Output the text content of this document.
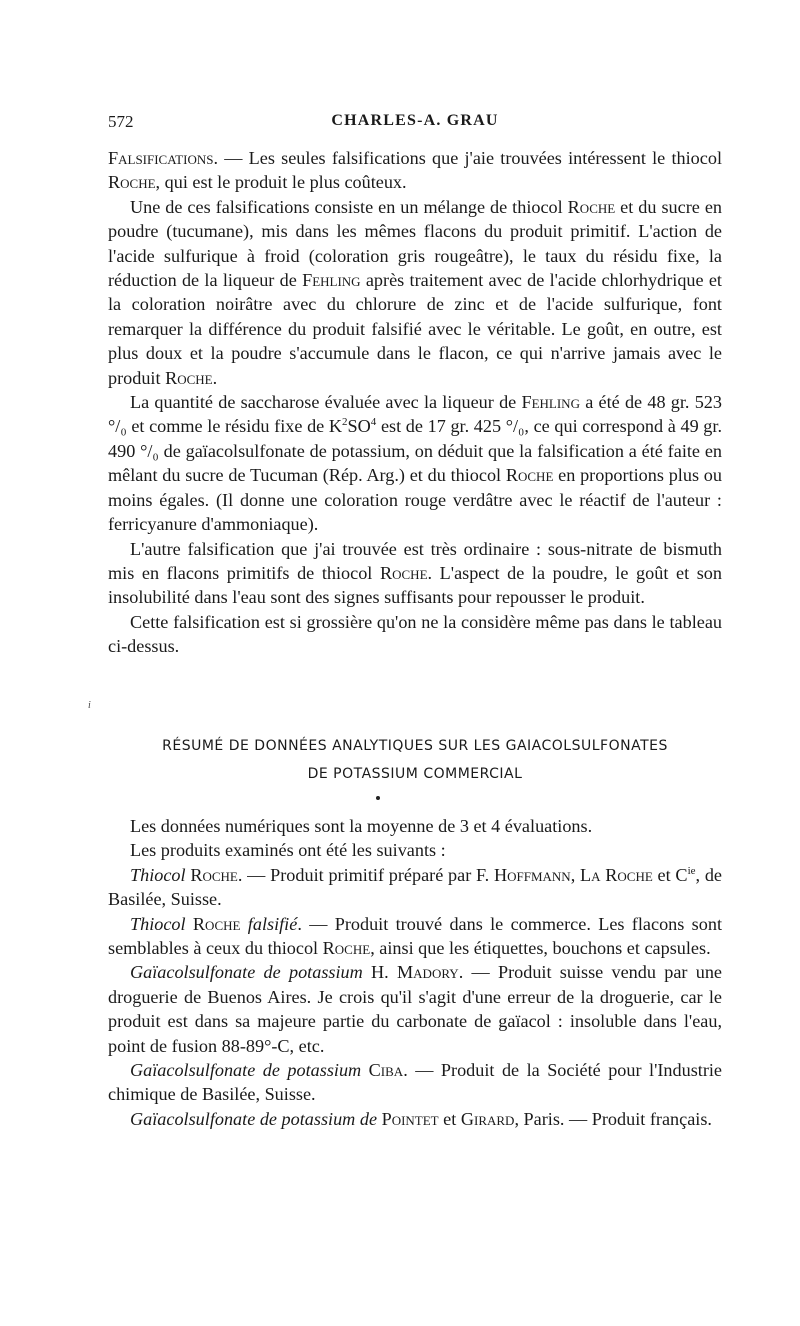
572	CHARLES-A. GRAU

Falsifications. — Les seules falsifications que j'aie trouvées intéressent le thiocol Roche, qui est le produit le plus coûteux.

Une de ces falsifications consiste en un mélange de thiocol Roche et du sucre en poudre (tucumane), mis dans les mêmes flacons du produit primitif. L'action de l'acide sulfurique à froid (coloration gris rougeâtre), le taux du résidu fixe, la réduction de la liqueur de Fehling après traitement avec de l'acide chlorhydrique et la coloration noirâtre avec du chlorure de zinc et de l'acide sulfurique, font remarquer la différence du produit falsifié avec le véritable. Le goût, en outre, est plus doux et la poudre s'accumule dans le flacon, ce qui n'arrive jamais avec le produit Roche.

La quantité de saccharose évaluée avec la liqueur de Fehling a été de 48 gr. 523 °/₀ et comme le résidu fixe de $K^2SO^4$ est de 17 gr. 425 °/₀, ce qui correspond à 49 gr. 490 °/₀ de gaïacolsulfonate de potassium, on déduit que la falsification a été faite en mêlant du sucre de Tucuman (Rép. Arg.) et du thiocol Roche en proportions plus ou moins égales. (Il donne une coloration rouge verdâtre avec le réactif de l'auteur : ferricyanure d'ammoniaque).

L'autre falsification que j'ai trouvée est très ordinaire : sous-nitrate de bismuth mis en flacons primitifs de thiocol Roche. L'aspect de la poudre, le goût et son insolubilité dans l'eau sont des signes suffisants pour repousser le produit.

Cette falsification est si grossière qu'on ne la considère même pas dans le tableau ci-dessus.

i
RÉSUMÉ DE DONNÉES ANALYTIQUES SUR LES GAIACOLSULFONATES
DE POTASSIUM COMMERCIAL

Les données numériques sont la moyenne de 3 et 4 évaluations.

Les produits examinés ont été les suivants :

Thiocol Roche. — Produit primitif préparé par F. Hoffmann, La Roche et $C^{ie}$, de Basilée, Suisse.

Thiocol Roche falsifié. — Produit trouvé dans le commerce. Les flacons sont semblables à ceux du thiocol Roche, ainsi que les étiquettes, bouchons et capsules.

Gaïacolsulfonate de potassium H. Madory. — Produit suisse vendu par une droguerie de Buenos Aires. Je crois qu'il s'agit d'une erreur de la droguerie, car le produit est dans sa majeure partie du carbonate de gaïacol : insoluble dans l'eau, point de fusion 88-89°-C, etc.

Gaïacolsulfonate de potassium Ciba. — Produit de la Société pour l'Industrie chimique de Basilée, Suisse.

Gaïacolsulfonate de potassium de Pointet et Girard, Paris. — Produit français.
